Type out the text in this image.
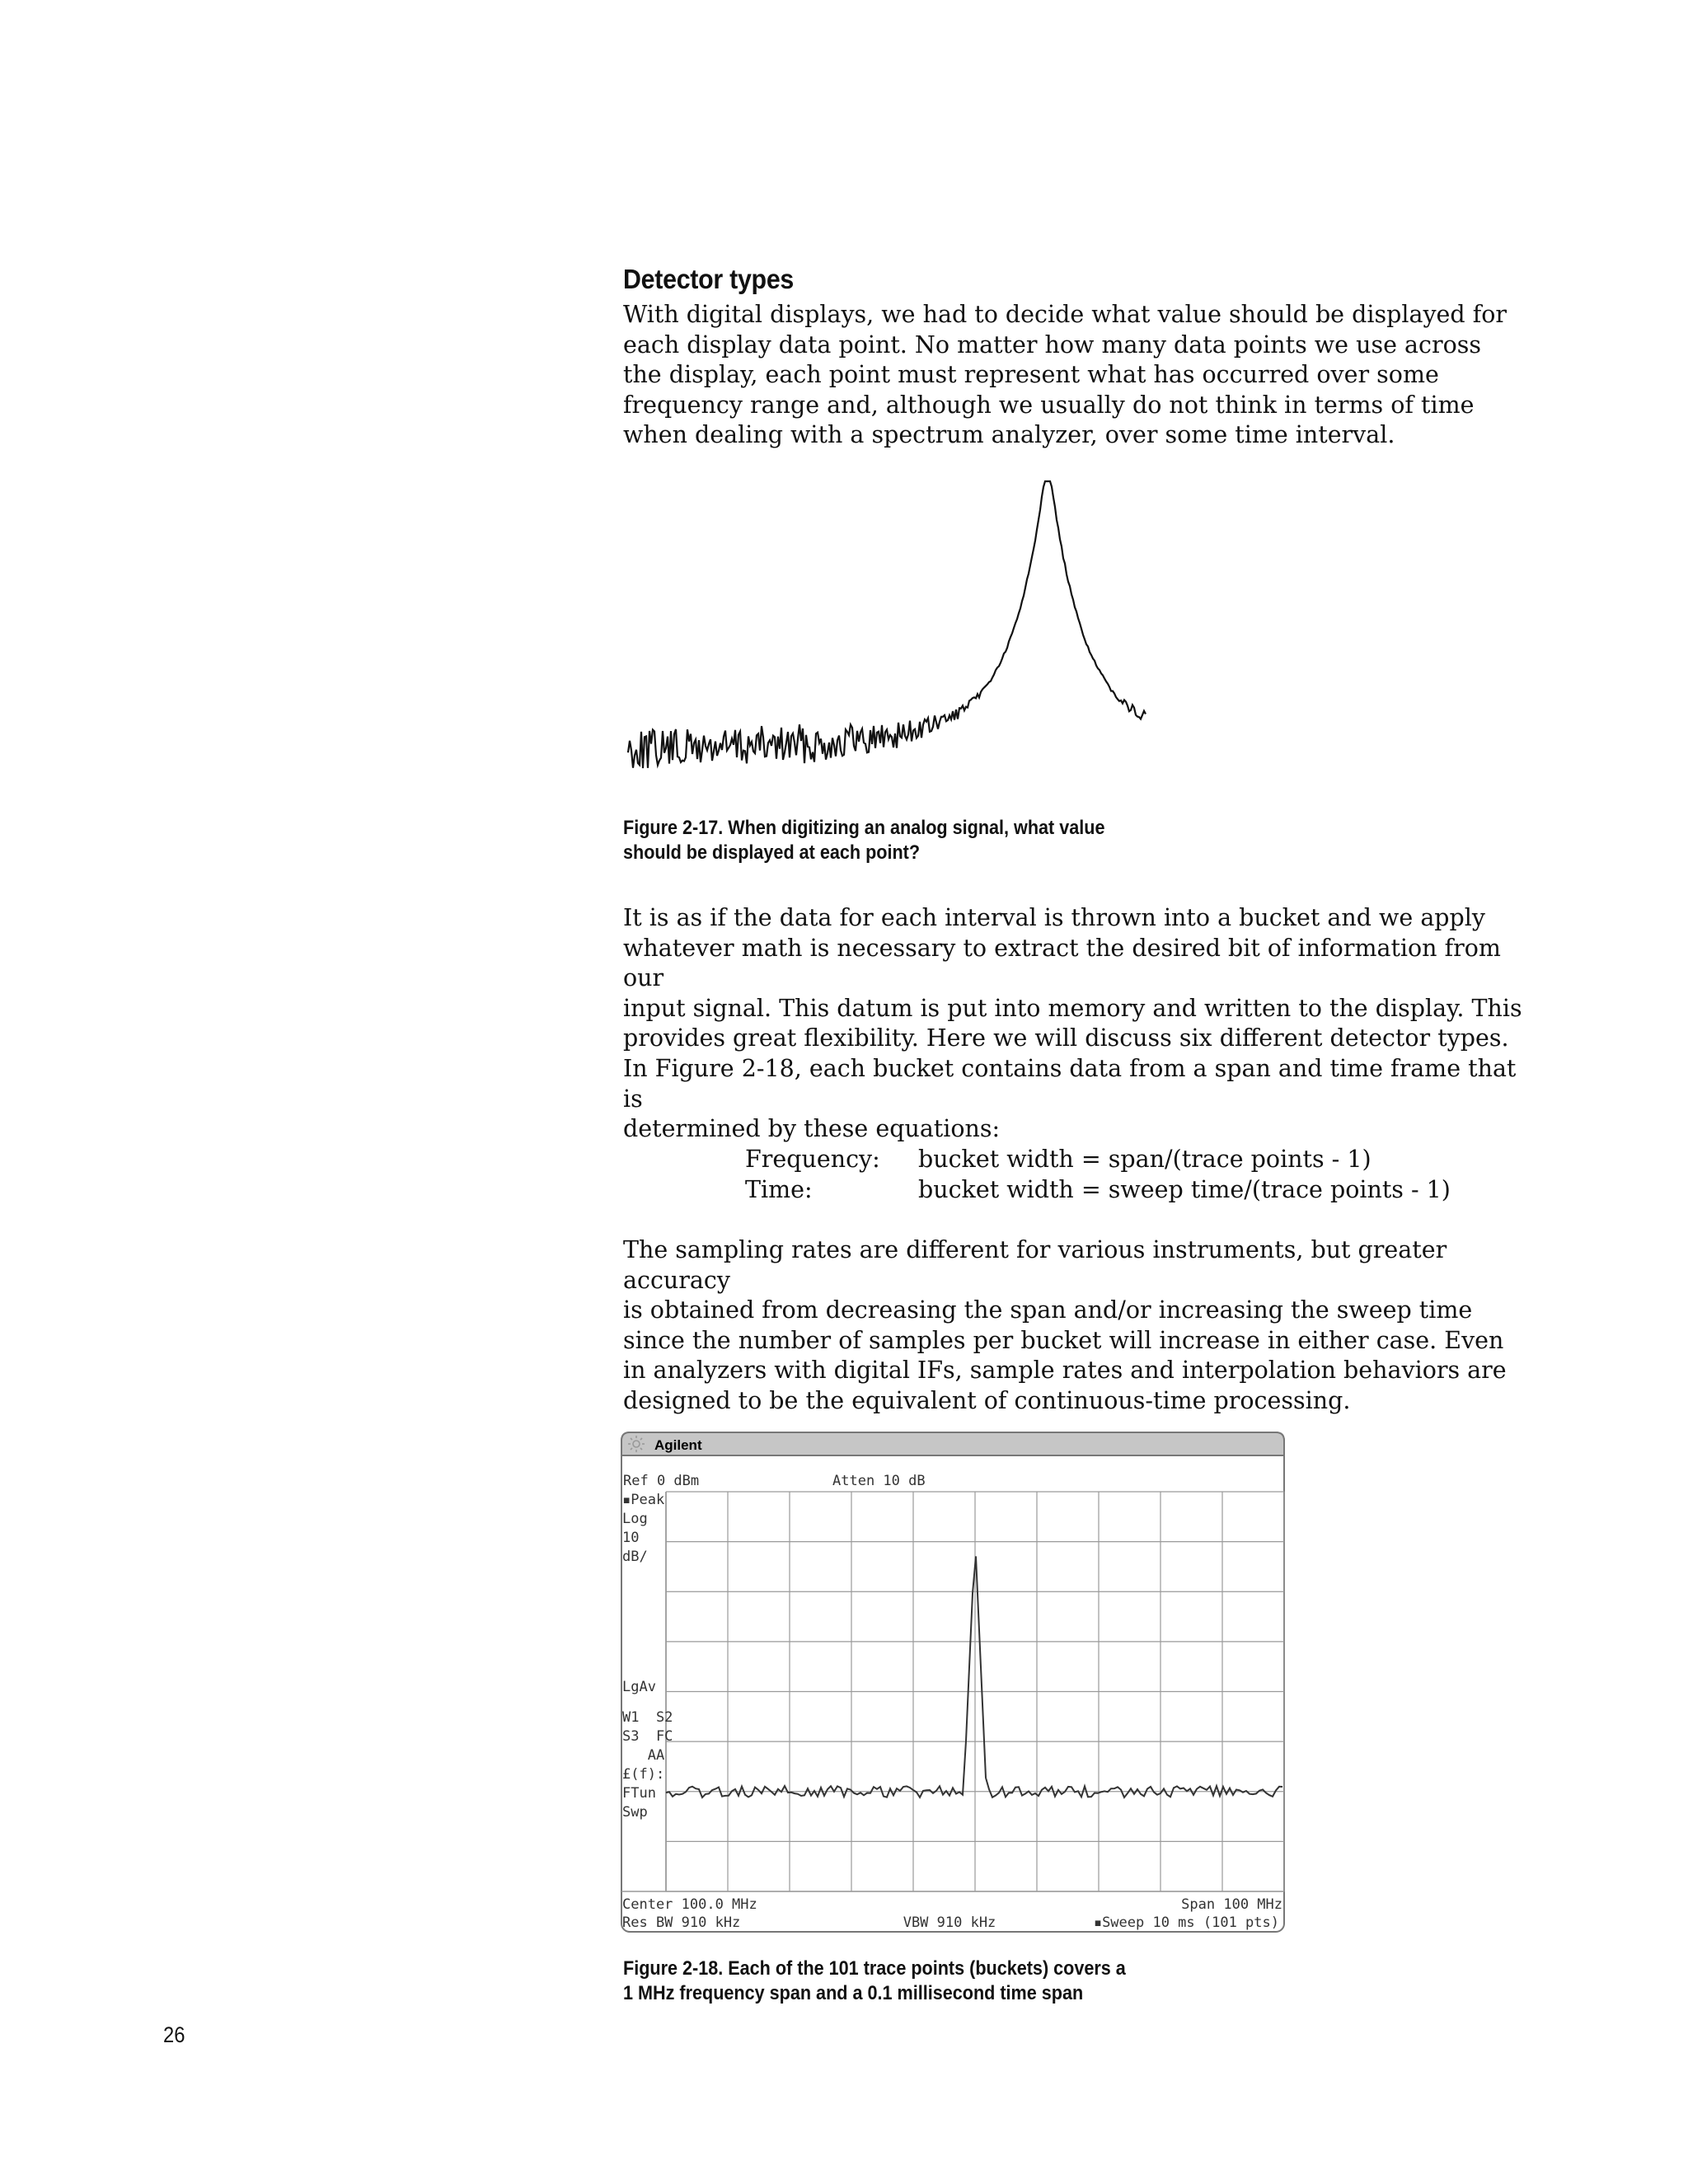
Detector types

With digital displays, we had to decide what value should be displayed for

each display data point. No matter how many data points we use across

the display, each point must represent what has occurred over some

frequency range and, although we usually do not think in terms of time

when dealing with a spectrum analyzer, over some time interval.

Figure 2-17. When digitizing an analog signal, what value
should be displayed at each point?

It is as if the data for each interval is thrown into a bucket and we apply

whatever math is necessary to extract the desired bit of information from our

input signal. This datum is put into memory and written to the display. This

provides great flexibility. Here we will discuss six different detector types.

In Figure 2-18, each bucket contains data from a span and time frame that is

determined by these equations:

Frequency: bucket width = span/(trace points - 1)
Time:	bucket width = sweep time/(trace points - 1)

The sampling rates are different for various instruments, but greater accuracy

is obtained from decreasing the span and/or increasing the sweep time

since the number of samples per bucket will increase in either case. Even

in analyzers with digital IFs, sample rates and interpolation behaviors are

designed to be the equivalent of continuous-time processing.

Agilent
Ref 0 dBm	Atten 10 dB
▪Peak
Log
10
dB/
LgAv
W1  S2
S3  FC
AA
£(f):
FTun
Swp
Center 100.0 MHz	Span 100 MHz
Res BW 910 kHz	VBW 910 kHz	▪Sweep 10 ms (101 pts)
Figure 2-18. Each of the 101 trace points (buckets) covers a
1 MHz frequency span and a 0.1 millisecond time span
26
